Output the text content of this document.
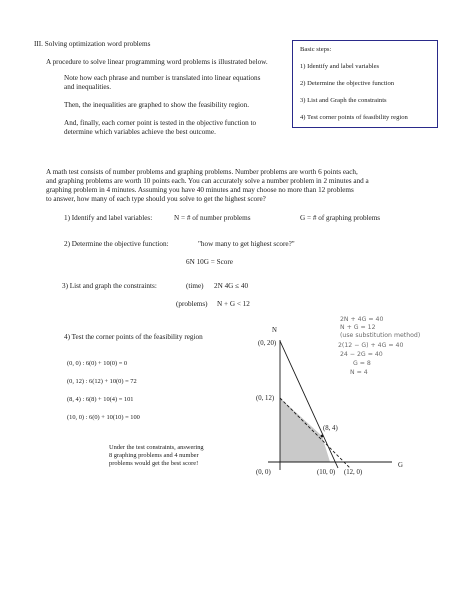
III. Solving optimization word problems
A procedure to solve linear programming word problems is illustrated below.
Note how each phrase and number is translated into linear equations
and inequalities.
Then, the inequalities are graphed to show the feasibility region.
And, finally, each corner point is tested in the objective function to
determine which variables achieve the best outcome.
Basic steps:
1) Identify and label variables
2) Determine the objective function
3) List and Graph the constraints
4) Test corner points of feasibility region
A math test consists of number problems and graphing problems. Number problems are worth 6 points each,
and graphing problems are worth 10 points each. You can accurately solve a number problem in 2 minutes and a
graphing problem in 4 minutes. Assuming you have 40 minutes and may choose no more than 12 problems
to answer, how many of each type should you solve to get the highest score?
1) Identify and label variables:	N = # of number problems	G = # of graphing problems
2) Determine the objective function:	"how many to get highest score?"
6N 10G = Score
3) List and graph the constraints:	(time) 2N 4G ≤ 40
(problems) N + G < 12
4) Test the corner points of the feasibility region
(0, 0) : 6(0) + 10(0) = 0
(0, 12) : 6(12) + 10(0) = 72
(8, 4) : 6(8) + 10(4) = 101
(10, 0) : 6(0) + 10(10) = 100
Under the test constraints, answering
8 graphing problems and 4 number
problems would get the best score!
2N + 4G = 40
N + G = 12
(use substitution method)
2(12 − G) + 4G = 40
24 − 2G = 40
G = 8
N = 4
N
G
(0, 20)
(0, 12)
(8, 4)
(0, 0)	(10, 0) (12, 0)
